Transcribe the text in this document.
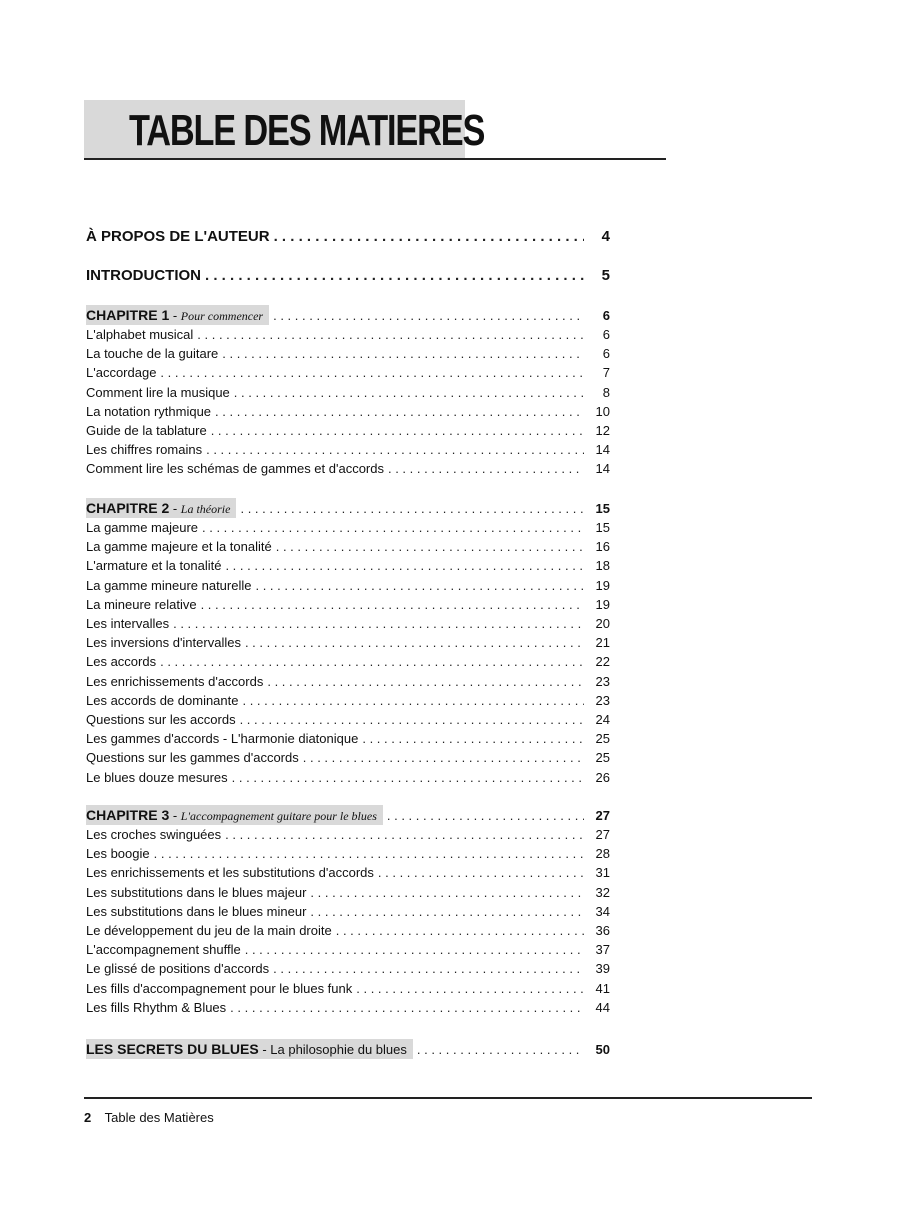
TABLE DES MATIERES
À PROPOS DE L'AUTEUR . . .	4
INTRODUCTION . . .	5
CHAPITRE 1 - Pour commencer . . .	6
L'alphabet musical . . .	6
La touche de la guitare . . .	6
L'accordage . . .	7
Comment lire la musique . . .	8
La notation rythmique . . .	10
Guide de la tablature . . .	12
Les chiffres romains . . .	14
Comment lire les schémas de gammes et d'accords . . .	14
CHAPITRE 2 - La théorie . . .	15
La gamme majeure . . .	15
La gamme majeure et la tonalité . . .	16
L'armature et la tonalité . . .	18
La gamme mineure naturelle . . .	19
La mineure relative . . .	19
Les intervalles . . .	20
Les inversions d'intervalles . . .	21
Les accords . . .	22
Les enrichissements d'accords . . .	23
Les accords de dominante . . .	23
Questions sur les accords . . .	24
Les gammes d'accords - L'harmonie diatonique . . .	25
Questions sur les gammes d'accords . . .	25
Le blues douze mesures . . .	26
CHAPITRE 3 - L'accompagnement guitare pour le blues . . .	27
Les croches swinguées . . .	27
Les boogie . . .	28
Les enrichissements et les substitutions d'accords . . .	31
Les substitutions dans le blues majeur . . .	32
Les substitutions dans le blues mineur . . .	34
Le développement du jeu de la main droite . . .	36
L'accompagnement shuffle . . .	37
Le glissé de positions d'accords . . .	39
Les fills d'accompagnement pour le blues funk . . .	41
Les fills Rhythm & Blues . . .	44
LES SECRETS DU BLUES - La philosophie du blues . . .	50
2 Table des Matières
